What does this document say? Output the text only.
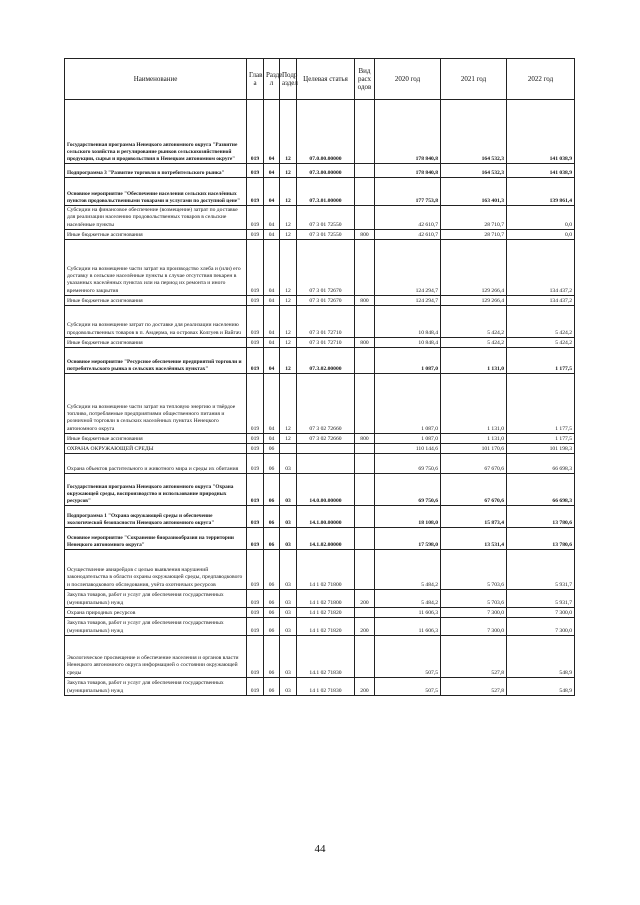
Наименование	Глав а	Разде л	Подр аздел	Целевая статья	Вид расх одов	2020 год	2021 год	2022 год
Государственная программа Ненецкого автономного округа "Развитие сельского хозяйства и регулирование рынков сельскохозяйственной продукции, сырья и продовольствия в Ненецком автономном округе"	019	04	12	07.0.00.00000		178 840,8	164 532,3	141 038,9
Подпрограмма 3 "Развитие торговли в потребительского рынка"	019	04	12	07.3.00.00000		178 840,8	164 532,3	141 038,9
Основное мероприятие "Обеспечение населения сельских населённых пунктов продовольственными товарами и услугами по доступной цене"	019	04	12	07.3.01.00000		177 753,8	163 401,3	139 861,4
Субсидии на финансовое обеспечение (возмещение) затрат по доставке для реализации населению продовольственных товаров в сельские населённые пункты	019	04	12	07 3 01 72550		42 610,7	28 710,7	0,0
Иные бюджетные ассигнования	019	04	12	07 3 01 72550	800	42 610,7	28 710,7	0,0
Субсидии на возмещение части затрат на производство хлеба и (или) его доставку в сельские населённые пункты в случае отсутствия пекарен в указанных населённых пунктах или на период их ремонта и иного временного закрытия	019	04	12	07 3 01 72670		124 294,7	129 266,4	134 437,2
Иные бюджетные ассигнования	019	04	12	07 3 01 72670	800	124 294,7	129 266,4	134 437,2
Субсидии на возмещение затрат по доставке для реализации населению продовольственных товаров в п. Амдерма, на островах Колгуев и Вайгач	019	04	12	07 3 01 72710		10 848,4	5 424,2	5 424,2
Иные бюджетные ассигнования	019	04	12	07 3 01 72710	800	10 848,4	5 424,2	5 424,2
Основное мероприятие "Ресурсное обеспечение предприятий торговли и потребительского рынка в сельских населённых пунктах"	019	04	12	07.3.02.00000		1 087,0	1 131,0	1 177,5
Субсидии на возмещение части затрат на тепловую энергию и твёрдое топливо, потребляемые предприятиями общественного питания и розничной торговли в сельских населённых пунктах Ненецкого автономного округа	019	04	12	07 3 02 72660		1 087,0	1 131,0	1 177,5
Иные бюджетные ассигнования	019	04	12	07 3 02 72660	800	1 087,0	1 131,0	1 177,5
ОХРАНА ОКРУЖАЮЩЕЙ СРЕДЫ	019	06				110 144,6	101 170,6	101 198,3
Охрана объектов растительного и животного мира и среды их обитания	019	06	03			69 750,6	67 670,6	66 698,3
Государственная программа Ненецкого автономного округа "Охрана окружающей среды, воспроизводство и использование природных ресурсов"	019	06	03	14.0.00.00000		69 750,6	67 670,6	66 698,3
Подпрограмма 1 "Охрана окружающей среды и обеспечение экологической безопасности Ненецкого автономного округа"	019	06	03	14.1.00.00000		18 108,0	15 873,4	13 780,6
Основное мероприятие "Сохранение биоразнообразия на территории Ненецкого автономного округа"	019	06	03	14.1.02.00000		17 598,0	13 531,4	13 780,6
Осуществление авиарейдов с целью выявления нарушений законодательства в области охраны окружающей среды, предпаводкового и послепаводкового обследования, учёта охотничьих ресурсов	019	06	03	14 1 02 71800		5 484,2	5 703,6	5 931,7
Закупка товаров, работ и услуг для обеспечения государственных (муниципальных) нужд	019	06	03	14 1 02 71800	200	5 484,2	5 703,6	5 931,7
Охрана природных ресурсов	019	06	03	14 1 02 71820		11 606,3	7 300,0	7 300,0
Закупка товаров, работ и услуг для обеспечения государственных (муниципальных) нужд	019	06	03	14 1 02 71820	200	11 606,3	7 300,0	7 300,0
Экологическое просвещение и обеспечение населения и органов власти Ненецкого автономного округа информацией о состоянии окружающей среды	019	06	03	14.1 02 71830		507,5	527,8	548,9
Закупка товаров, работ и услуг для обеспечения государственных (муниципальных) нужд	019	06	03	14 1 02 71830	200	507,5	527,8	548,9
44
